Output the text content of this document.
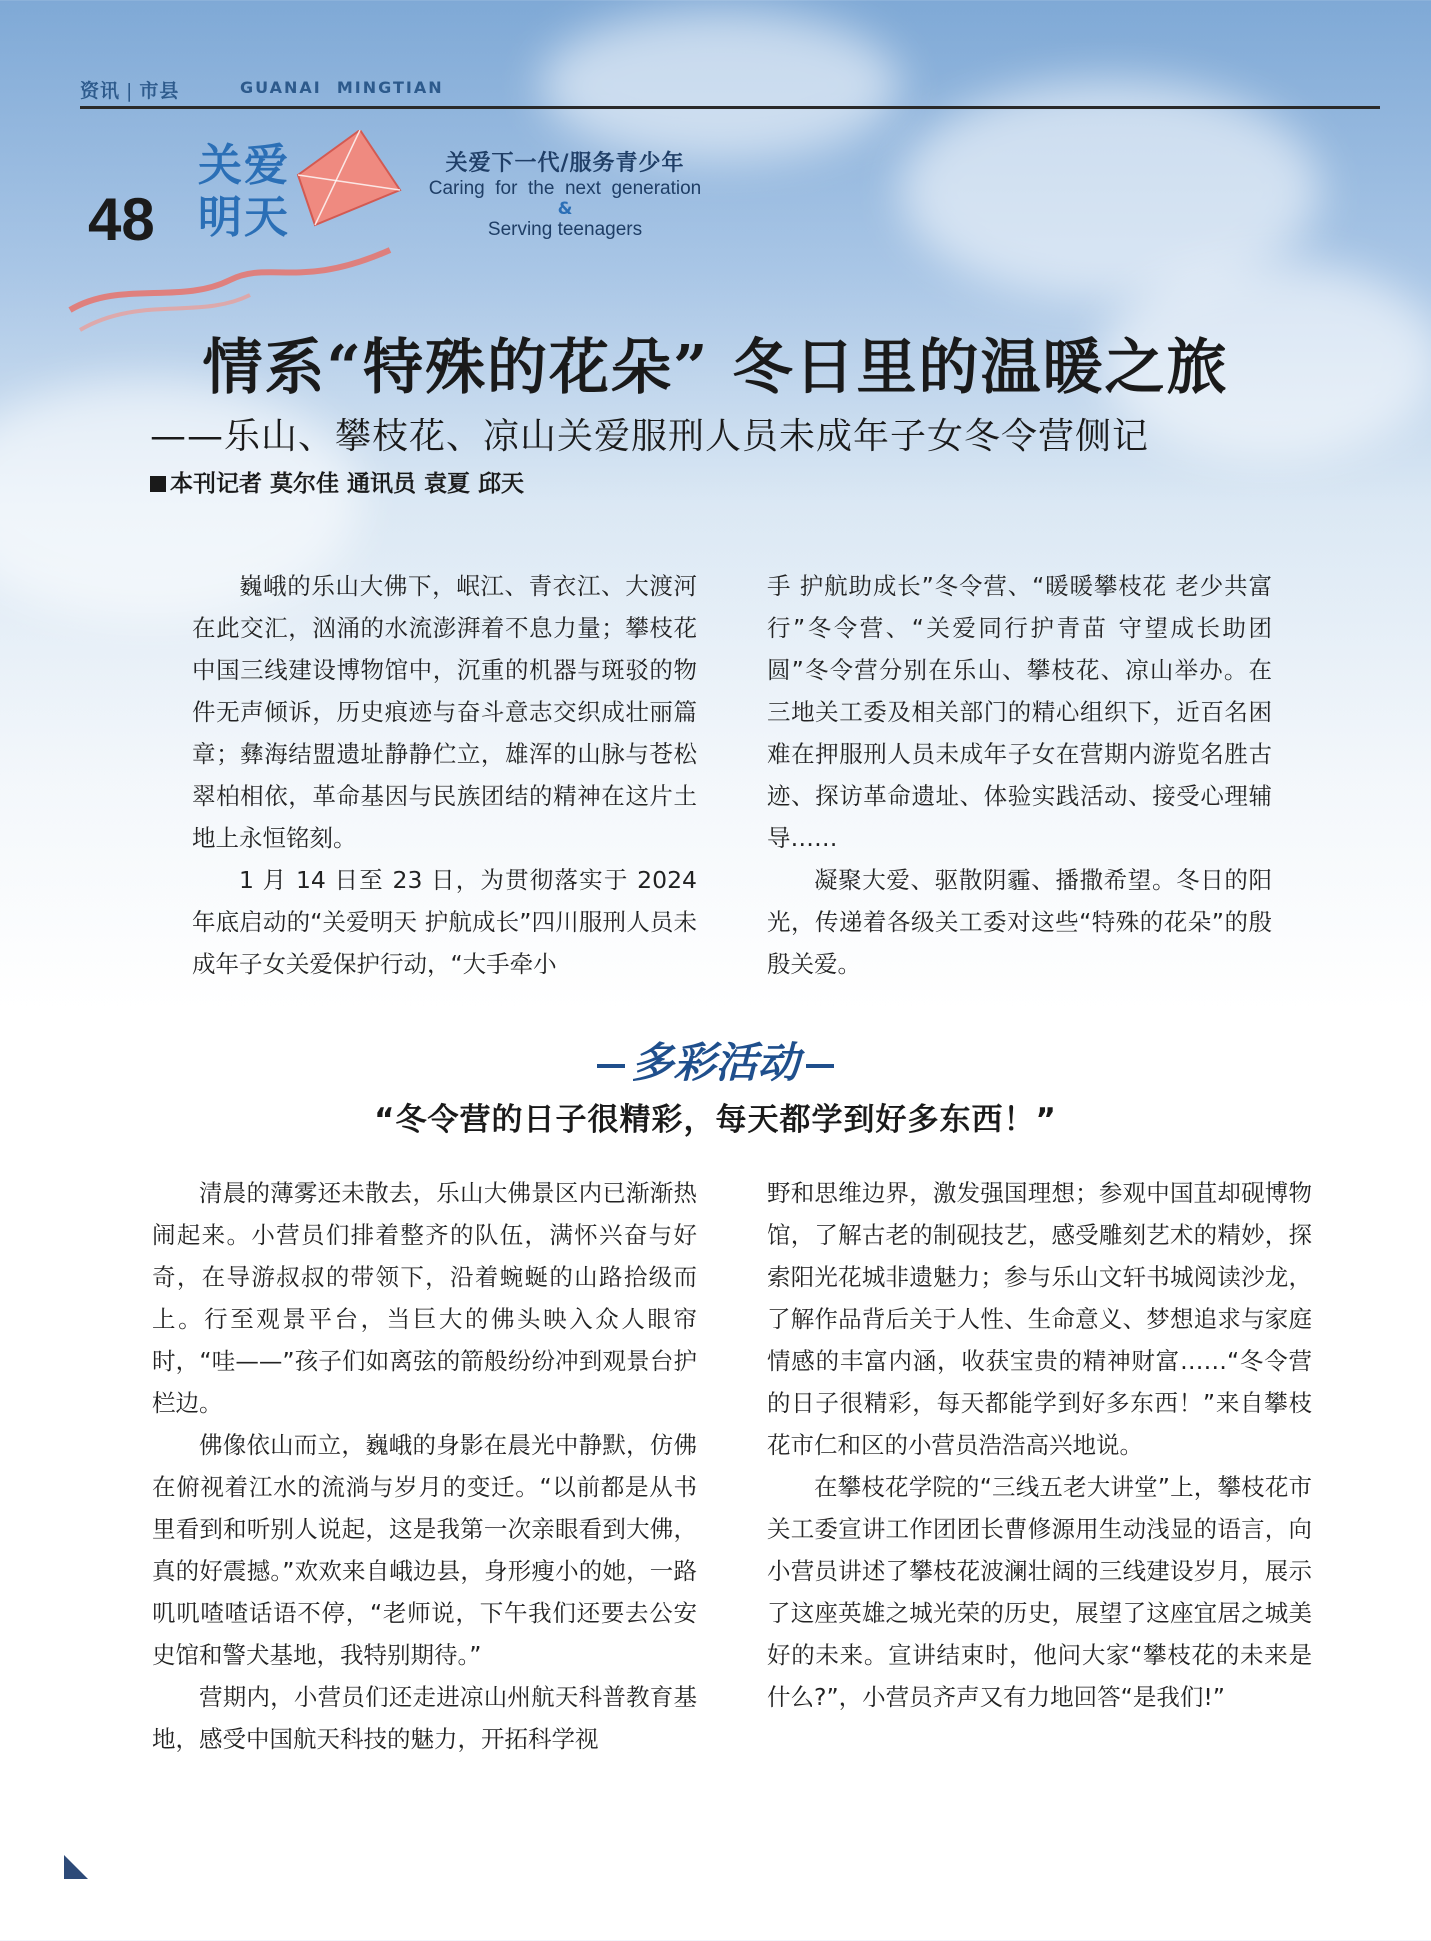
资讯 | 市县	GUANAI  MINGTIAN
48
关爱
明天
关爱下一代/服务青少年
Caring  for  the  next  generation
&
Serving teenagers
情系“特殊的花朵” 冬日里的温暖之旅
——乐山、攀枝花、凉山关爱服刑人员未成年子女冬令营侧记
本刊记者 莫尔佳 通讯员 袁夏 邱天

巍峨的乐山大佛下，岷江、青衣江、大渡河在此交汇，汹涌的水流澎湃着不息力量；攀枝花中国三线建设博物馆中，沉重的机器与斑驳的物件无声倾诉，历史痕迹与奋斗意志交织成壮丽篇章；彝海结盟遗址静静伫立，雄浑的山脉与苍松翠柏相依，革命基因与民族团结的精神在这片土地上永恒铭刻。

1 月 14 日至 23 日，为贯彻落实于 2024 年底启动的“关爱明天 护航成长”四川服刑人员未成年子女关爱保护行动，“大手牵小

手 护航助成长”冬令营、“暖暖攀枝花 老少共富行”冬令营、“关爱同行护青苗 守望成长助团圆”冬令营分别在乐山、攀枝花、凉山举办。在三地关工委及相关部门的精心组织下，近百名困难在押服刑人员未成年子女在营期内游览名胜古迹、探访革命遗址、体验实践活动、接受心理辅导……

凝聚大爱、驱散阴霾、播撒希望。冬日的阳光，传递着各级关工委对这些“特殊的花朵”的殷殷关爱。

多彩活动
“冬令营的日子很精彩，每天都学到好多东西！”

清晨的薄雾还未散去，乐山大佛景区内已渐渐热闹起来。小营员们排着整齐的队伍，满怀兴奋与好奇，在导游叔叔的带领下，沿着蜿蜒的山路拾级而上。行至观景平台，当巨大的佛头映入众人眼帘时，“哇——”孩子们如离弦的箭般纷纷冲到观景台护栏边。

佛像依山而立，巍峨的身影在晨光中静默，仿佛在俯视着江水的流淌与岁月的变迁。“以前都是从书里看到和听别人说起，这是我第一次亲眼看到大佛，真的好震撼。”欢欢来自峨边县，身形瘦小的她，一路叽叽喳喳话语不停，“老师说，下午我们还要去公安史馆和警犬基地，我特别期待。”

营期内，小营员们还走进凉山州航天科普教育基地，感受中国航天科技的魅力，开拓科学视

野和思维边界，激发强国理想；参观中国苴却砚博物馆，了解古老的制砚技艺，感受雕刻艺术的精妙，探索阳光花城非遗魅力；参与乐山文轩书城阅读沙龙，了解作品背后关于人性、生命意义、梦想追求与家庭情感的丰富内涵，收获宝贵的精神财富……“冬令营的日子很精彩，每天都能学到好多东西！”来自攀枝花市仁和区的小营员浩浩高兴地说。

在攀枝花学院的“三线五老大讲堂”上，攀枝花市关工委宣讲工作团团长曹修源用生动浅显的语言，向小营员讲述了攀枝花波澜壮阔的三线建设岁月，展示了这座英雄之城光荣的历史，展望了这座宜居之城美好的未来。宣讲结束时，他问大家“攀枝花的未来是什么?”，小营员齐声又有力地回答“是我们!”
